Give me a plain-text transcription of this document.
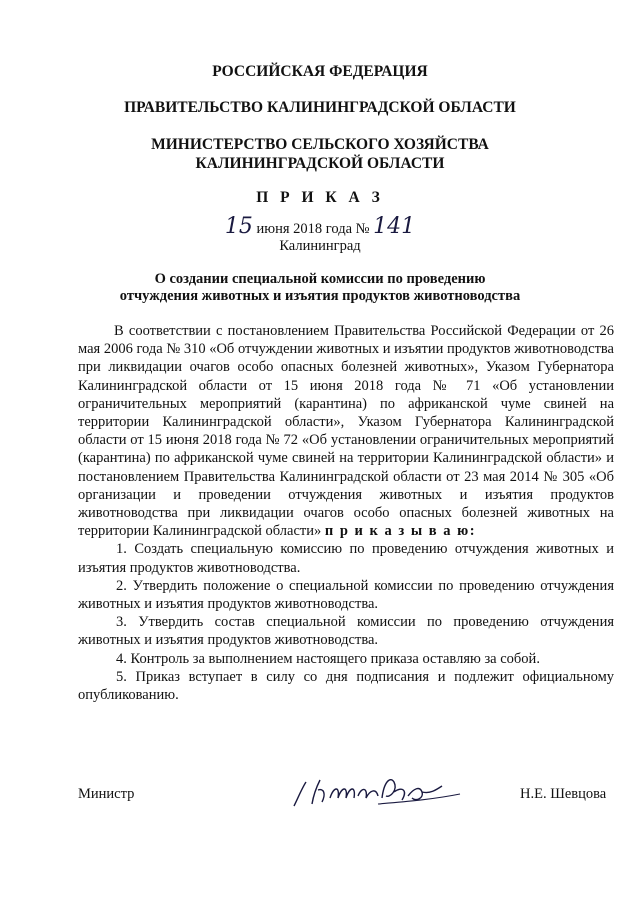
РОССИЙСКАЯ ФЕДЕРАЦИЯ
ПРАВИТЕЛЬСТВО КАЛИНИНГРАДСКОЙ ОБЛАСТИ
МИНИСТЕРСТВО СЕЛЬСКОГО ХОЗЯЙСТВА
КАЛИНИНГРАДСКОЙ ОБЛАСТИ
П Р И К А З
15 июня 2018 года № 141
Калининград
О создании специальной комиссии по проведению
отчуждения животных и изъятия продуктов животноводства

В соответствии с постановлением Правительства Российской Федерации от 26 мая 2006 года № 310 «Об отчуждении животных и изъятии продуктов животноводства при ликвидации очагов особо опасных болезней животных», Указом Губернатора Калининградской области от 15 июня 2018 года № 71 «Об установлении ограничительных мероприятий (карантина) по африканской чуме свиней на территории Калининградской области», Указом Губернатора Калининградской области от 15 июня 2018 года № 72 «Об установлении ограничительных мероприятий (карантина) по африканской чуме свиней на территории Калининградской области» и постановлением Правительства Калининградской области от 23 мая 2014 № 305 «Об организации и проведении отчуждения животных и изъятия продуктов животноводства при ликвидации очагов особо опасных болезней животных на территории Калининградской области» п р и к а з ы в а ю:

1. Создать специальную комиссию по проведению отчуждения животных и изъятия продуктов животноводства.

2. Утвердить положение о специальной комиссии по проведению отчуждения животных и изъятия продуктов животноводства.

3. Утвердить состав специальной комиссии по проведению отчуждения животных и изъятия продуктов животноводства.

4. Контроль за выполнением настоящего приказа оставляю за собой.

5. Приказ вступает в силу со дня подписания и подлежит официальному опубликованию.

Министр	Н.Е. Шевцова
